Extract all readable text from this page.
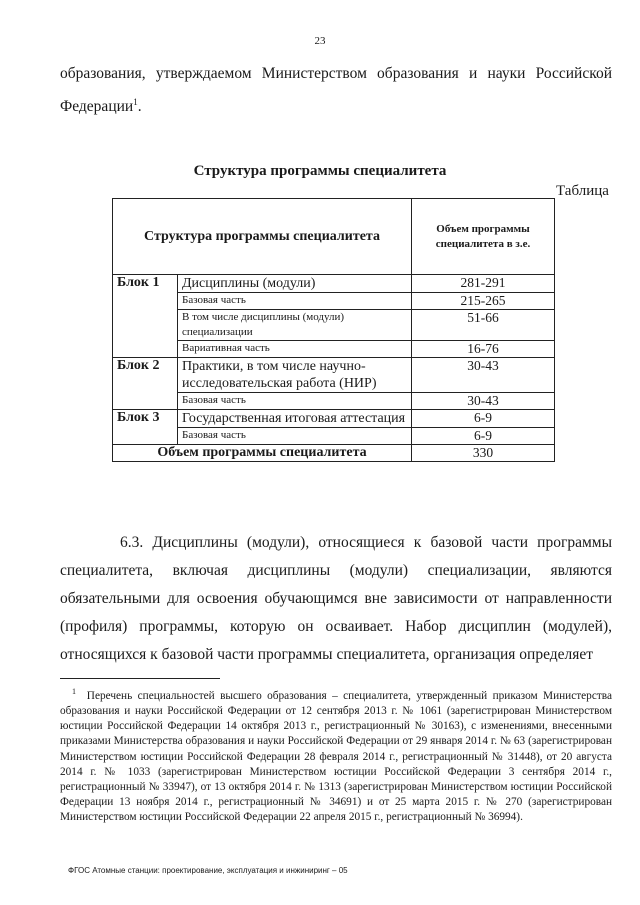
23

образования, утверждаемом Министерством образования и науки Российской Федерации$^1$.

Структура программы специалитета
Таблица
Структура программы специалитета		Объем программы специалитета в з.е.
Блок 1	Дисциплины (модули)	281-291
	Базовая часть	215-265
	В том числе дисциплины (модули) специализации	51-66
	Вариативная часть	16-76
Блок 2	Практики, в том числе научно-исследовательская работа (НИР)	30-43
	Базовая часть	30-43
Блок 3	Государственная итоговая аттестация	6-9
	Базовая часть	6-9
Объем программы специалитета		330

6.3. Дисциплины (модули), относящиеся к базовой части программы специалитета, включая дисциплины (модули) специализации, являются обязательными для освоения обучающимся вне зависимости от направленности (профиля) программы, которую он осваивает. Набор дисциплин (модулей), относящихся к базовой части программы специалитета, организация определяет

$^1$ Перечень специальностей высшего образования – специалитета, утвержденный приказом Министерства образования и науки Российской Федерации от 12 сентября 2013 г. № 1061 (зарегистрирован Министерством юстиции Российской Федерации 14 октября 2013 г., регистрационный № 30163), с изменениями, внесенными приказами Министерства образования и науки Российской Федерации от 29 января 2014 г. № 63 (зарегистрирован Министерством юстиции Российской Федерации 28 февраля 2014 г., регистрационный № 31448), от 20 августа 2014 г. № 1033 (зарегистрирован Министерством юстиции Российской Федерации 3 сентября 2014 г., регистрационный № 33947), от 13 октября 2014 г. № 1313 (зарегистрирован Министерством юстиции Российской Федерации 13 ноября 2014 г., регистрационный № 34691) и от 25 марта 2015 г. № 270 (зарегистрирован Министерством юстиции Российской Федерации 22 апреля 2015 г., регистрационный № 36994).

ФГОС Атомные станции: проектирование, эксплуатация и инжиниринг – 05
